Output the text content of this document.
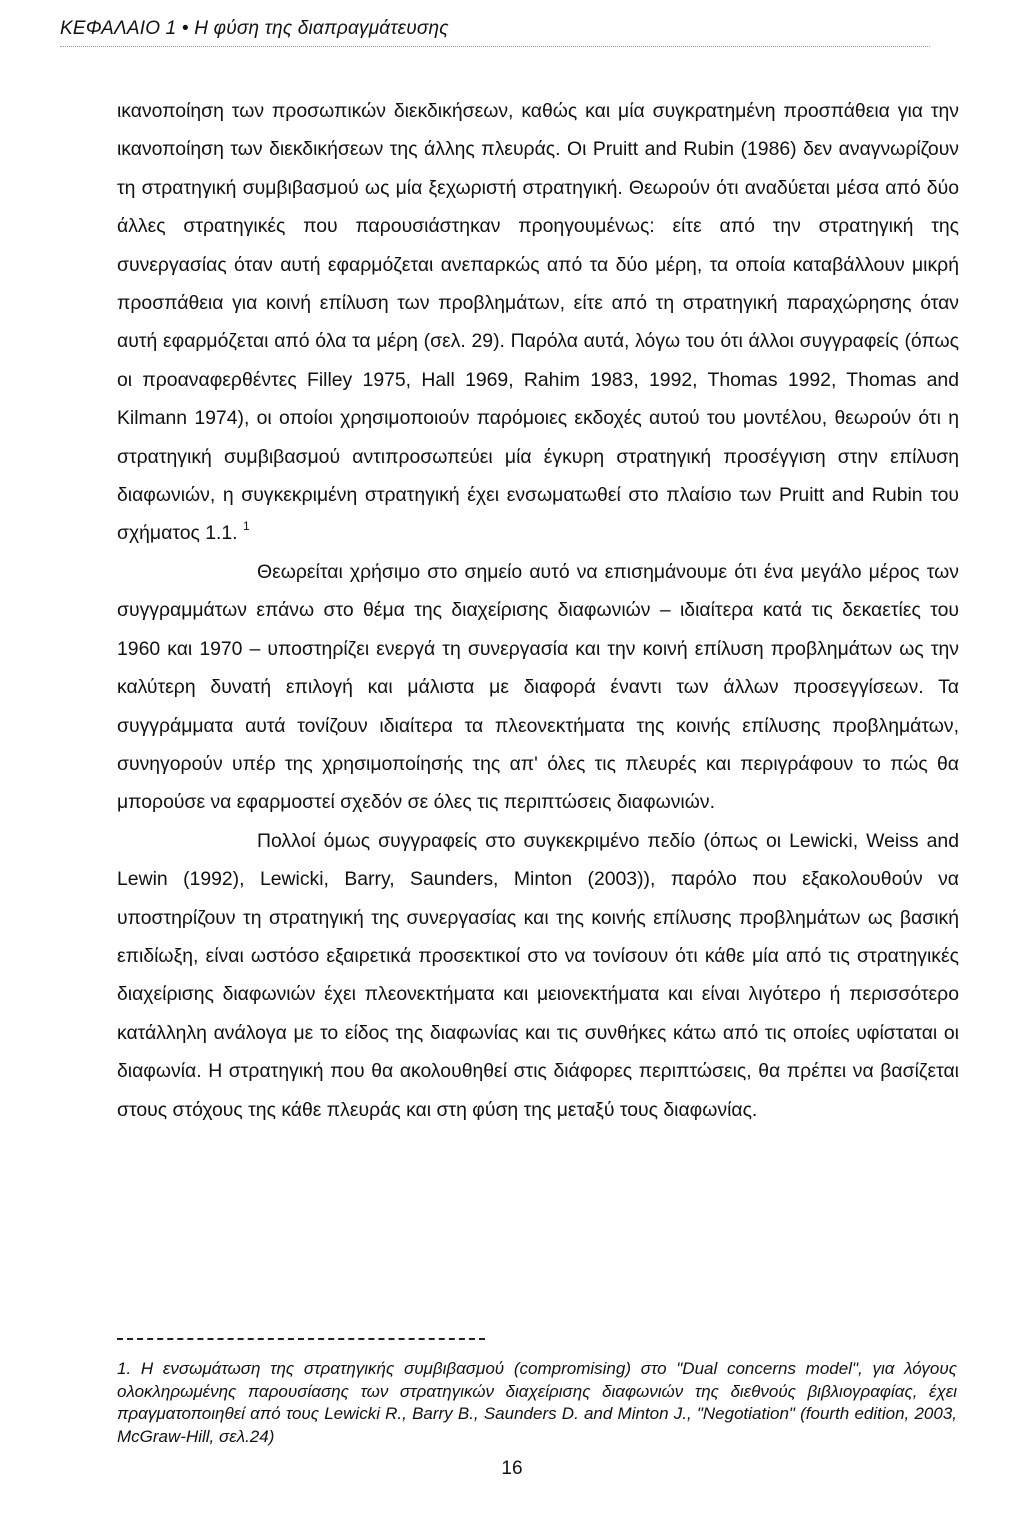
ΚΕΦΑΛΑΙΟ 1 • Η φύση της διαπραγμάτευσης

ικανοποίηση των προσωπικών διεκδικήσεων, καθώς και μία συγκρατημένη προσπάθεια για την ικανοποίηση των διεκδικήσεων της άλλης πλευράς. Οι Pruitt and Rubin (1986) δεν αναγνωρίζουν τη στρατηγική συμβιβασμού ως μία ξεχωριστή στρατηγική. Θεωρούν ότι αναδύεται μέσα από δύο άλλες στρατηγικές που παρουσιάστηκαν προηγουμένως: είτε από την στρατηγική της συνεργασίας όταν αυτή εφαρμόζεται ανεπαρκώς από τα δύο μέρη, τα οποία καταβάλλουν μικρή προσπάθεια για κοινή επίλυση των προβλημάτων, είτε από τη στρατηγική παραχώρησης όταν αυτή εφαρμόζεται από όλα τα μέρη (σελ. 29). Παρόλα αυτά, λόγω του ότι άλλοι συγγραφείς (όπως οι προαναφερθέντες Filley 1975, Hall 1969, Rahim 1983, 1992, Thomas 1992, Thomas and Kilmann 1974), οι οποίοι χρησιμοποιούν παρόμοιες εκδοχές αυτού του μοντέλου, θεωρούν ότι η στρατηγική συμβιβασμού αντιπροσωπεύει μία έγκυρη στρατηγική προσέγγιση στην επίλυση διαφωνιών, η συγκεκριμένη στρατηγική έχει ενσωματωθεί στο πλαίσιο των Pruitt and Rubin του σχήματος 1.1. $^1$

Θεωρείται χρήσιμο στο σημείο αυτό να επισημάνουμε ότι ένα μεγάλο μέρος των συγγραμμάτων επάνω στο θέμα της διαχείρισης διαφωνιών – ιδιαίτερα κατά τις δεκαετίες του 1960 και 1970 – υποστηρίζει ενεργά τη συνεργασία και την κοινή επίλυση προβλημάτων ως την καλύτερη δυνατή επιλογή και μάλιστα με διαφορά έναντι των άλλων προσεγγίσεων. Τα συγγράμματα αυτά τονίζουν ιδιαίτερα τα πλεονεκτήματα της κοινής επίλυσης προβλημάτων, συνηγορούν υπέρ της χρησιμοποίησής της απ' όλες τις πλευρές και περιγράφουν το πώς θα μπορούσε να εφαρμοστεί σχεδόν σε όλες τις περιπτώσεις διαφωνιών.

Πολλοί όμως συγγραφείς στο συγκεκριμένο πεδίο (όπως οι Lewicki, Weiss and Lewin (1992), Lewicki, Barry, Saunders, Minton (2003)), παρόλο που εξακολουθούν να υποστηρίζουν τη στρατηγική της συνεργασίας και της κοινής επίλυσης προβλημάτων ως βασική επιδίωξη, είναι ωστόσο εξαιρετικά προσεκτικοί στο να τονίσουν ότι κάθε μία από τις στρατηγικές διαχείρισης διαφωνιών έχει πλεονεκτήματα και μειονεκτήματα και είναι λιγότερο ή περισσότερο κατάλληλη ανάλογα με το είδος της διαφωνίας και τις συνθήκες κάτω από τις οποίες υφίσταται οι διαφωνία. Η στρατηγική που θα ακολουθηθεί στις διάφορες περιπτώσεις, θα πρέπει να βασίζεται στους στόχους της κάθε πλευράς και στη φύση της μεταξύ τους διαφωνίας.

1. Η ενσωμάτωση της στρατηγικής συμβιβασμού (compromising) στο "Dual concerns model", για λόγους ολοκληρωμένης παρουσίασης των στρατηγικών διαχείρισης διαφωνιών της διεθνούς βιβλιογραφίας, έχει πραγματοποιηθεί από τους Lewicki R., Barry B., Saunders D. and Minton J., "Negotiation" (fourth edition, 2003, McGraw-Hill, σελ.24)

16
